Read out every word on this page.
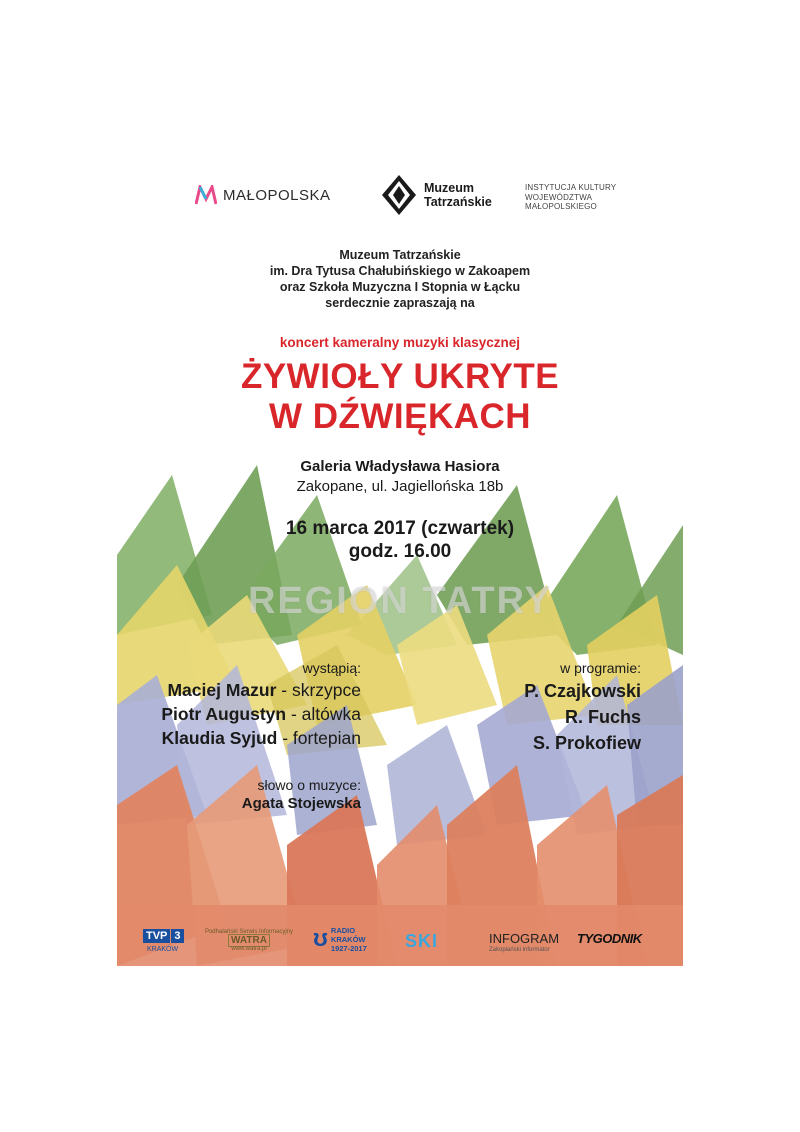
MAŁOPOLSKA	Muzeum
Tatrzańskie
INSTYTUCJA KULTURY
WOJEWÓDZTWA
MAŁOPOLSKIEGO
Muzeum Tatrzańskie
im. Dra Tytusa Chałubińskiego w Zakoapem
oraz Szkoła Muzyczna I Stopnia w Łącku
serdecznie zapraszają na
koncert kameralny muzyki klasycznej
ŻYWIOŁY UKRYTE
W DŹWIĘKACH
Galeria Władysława Hasiora
Zakopane, ul. Jagiellońska 18b
16 marca 2017 (czwartek)
godz. 16.00
REGION TATRY
wystąpią:
Maciej Mazur - skrzypce
Piotr Augustyn - altówka
Klaudia Syjud - fortepian
słowo o muzyce:
Agata Stojewska
w programie:
P. Czajkowski
R. Fuchs
S. Prokofiew
TVP 3
KRAKÓW
Podhalański Serwis Informacyjny
WATRA
www.watra.pl	ʊ RADIO
KRAKÓW
1927-2017 SKI	INFOGRAM
Zakopiański informator
TYGODNIK
